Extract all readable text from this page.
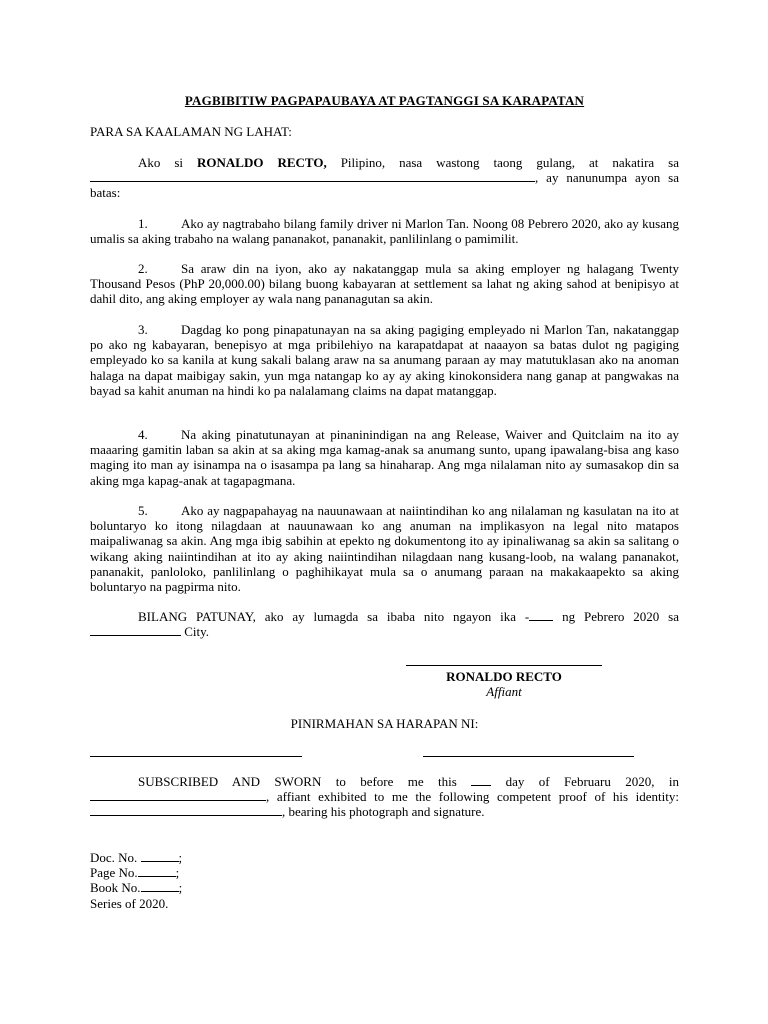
PAGBIBITIW PAGPAPAUBAYA AT PAGTANGGI SA KARAPATAN
PARA SA KAALAMAN NG LAHAT:

Ako si RONALDO RECTO, Pilipino, nasa wastong taong gulang, at nakatira sa , ay nanunumpa ayon sa batas:

1.	Ako ay nagtrabaho bilang family driver ni Marlon Tan. Noong 08 Pebrero 2020, ako ay kusang umalis sa aking trabaho na walang pananakot, pananakit, panlilinlang o pamimilit.

2.	Sa araw din na iyon, ako ay nakatanggap mula sa aking employer ng halagang Twenty Thousand Pesos (PhP 20,000.00) bilang buong kabayaran at settlement sa lahat ng aking sahod at benipisyo at dahil dito, ang aking employer ay wala nang pananagutan sa akin.

3.	Dagdag ko pong pinapatunayan na sa aking pagiging empleyado ni Marlon Tan, nakatanggap po ako ng kabayaran, benepisyo at mga pribilehiyo na karapatdapat at naaayon sa batas dulot ng pagiging empleyado ko sa kanila at kung sakali balang araw na sa anumang paraan ay may matutuklasan ako na anoman halaga na dapat maibigay sakin, yun mga natangap ko ay ay aking kinokonsidera nang ganap at pangwakas na bayad sa kahit anuman na hindi ko pa nalalamang claims na dapat matanggap.

4.	Na aking pinatutunayan at pinaninindigan na ang Release, Waiver and Quitclaim na ito ay maaaring gamitin laban sa akin at sa aking mga kamag-anak sa anumang sunto, upang ipawalang-bisa ang kaso maging ito man ay isinampa na o isasampa pa lang sa hinaharap. Ang mga nilalaman nito ay sumasakop din sa aking mga kapag-anak at tagapagmana.

5.	Ako ay nagpapahayag na nauunawaan at naiintindihan ko ang nilalaman ng kasulatan na ito at boluntaryo ko itong nilagdaan at nauunawaan ko ang anuman na implikasyon na legal nito matapos maipaliwanag sa akin. Ang mga ibig sabihin at epekto ng dokumentong ito ay ipinaliwanag sa akin sa salitang o wikang aking naiintindihan at ito ay aking naiintindihan nilagdaan nang kusang-loob, na walang pananakot, pananakit, panloloko, panlilinlang o paghihikayat mula sa o anumang paraan na makakaapekto sa aking boluntaryo na pagpirma nito.

BILANG PATUNAY, ako ay lumagda sa ibaba nito ngayon ika - ng Pebrero 2020 sa  City.

RONALDO RECTO
Affiant
PINIRMAHAN SA HARAPAN NI:

SUBSCRIBED AND SWORN to before me this  day of Februaru 2020, in , affiant exhibited to me the following competent proof of his identity: , bearing his photograph and signature.

Doc. No.	;
Page No.	;
Book No.	;
Series of 2020.
